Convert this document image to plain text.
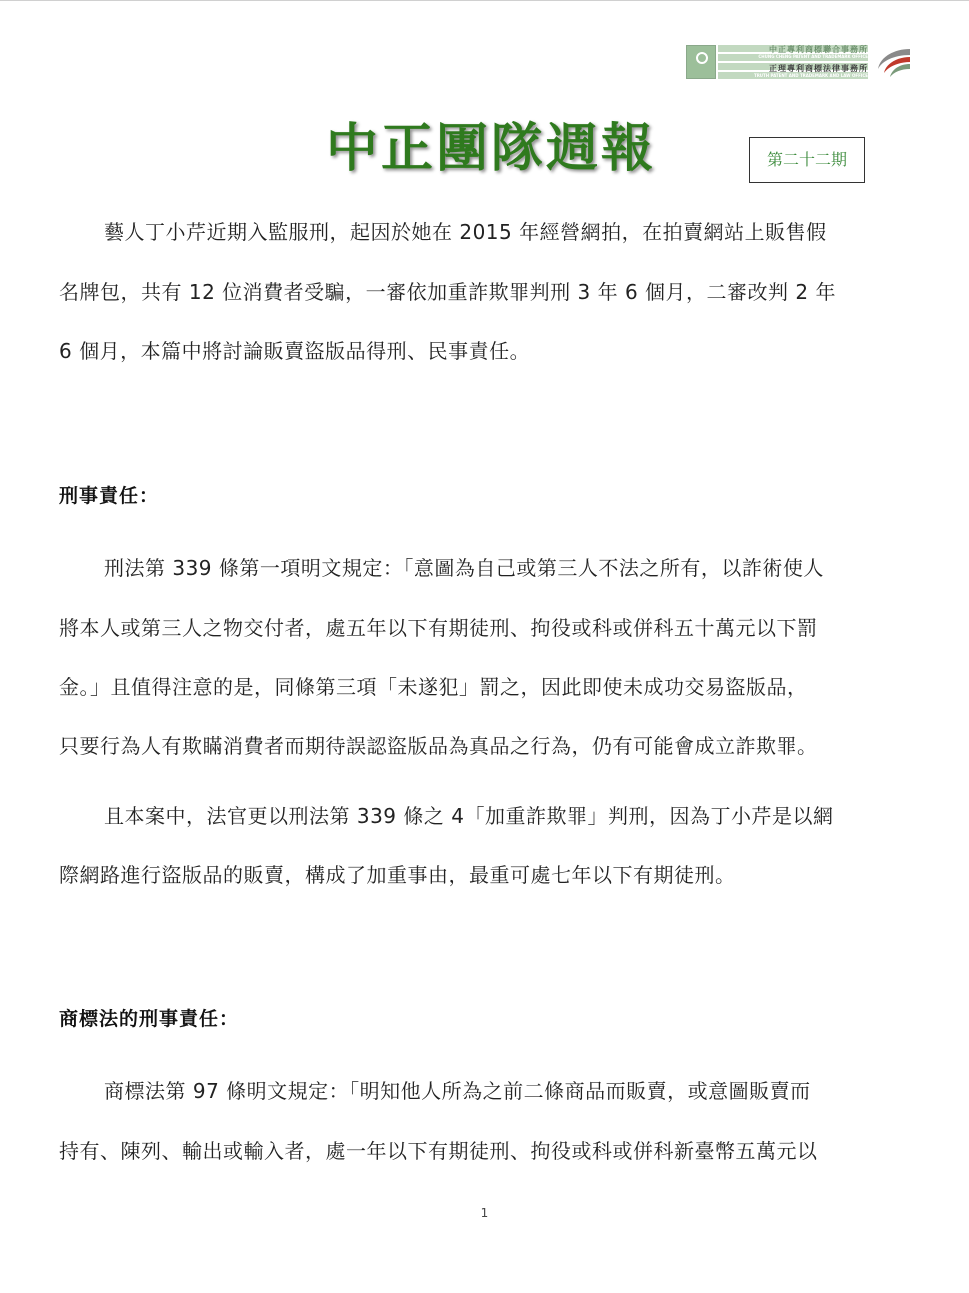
中正專利商標聯合事務所
CHUNG CHENG PATENT AND TRADEMARK OFFICE
正理專利商標法律事務所
TRUTH PATENT AND TRADEMARK AND LAW OFFICE
中正團隊週報	第二十二期
藝人丁小芹近期入監服刑，起因於她在 2015 年經營網拍，在拍賣網站上販售假
名牌包，共有 12 位消費者受騙，一審依加重詐欺罪判刑 3 年 6 個月，二審改判 2 年
6 個月，本篇中將討論販賣盜版品得刑、民事責任。
刑事責任：
刑法第 339 條第一項明文規定：「意圖為自己或第三人不法之所有，以詐術使人
將本人或第三人之物交付者，處五年以下有期徒刑、拘役或科或併科五十萬元以下罰
金。」且值得注意的是，同條第三項「未遂犯」罰之，因此即使未成功交易盜版品，
只要行為人有欺瞞消費者而期待誤認盜版品為真品之行為，仍有可能會成立詐欺罪。
且本案中，法官更以刑法第 339 條之 4「加重詐欺罪」判刑，因為丁小芹是以網
際網路進行盜版品的販賣，構成了加重事由，最重可處七年以下有期徒刑。
商標法的刑事責任：
商標法第 97 條明文規定：「明知他人所為之前二條商品而販賣，或意圖販賣而
持有、陳列、輸出或輸入者，處一年以下有期徒刑、拘役或科或併科新臺幣五萬元以
1
